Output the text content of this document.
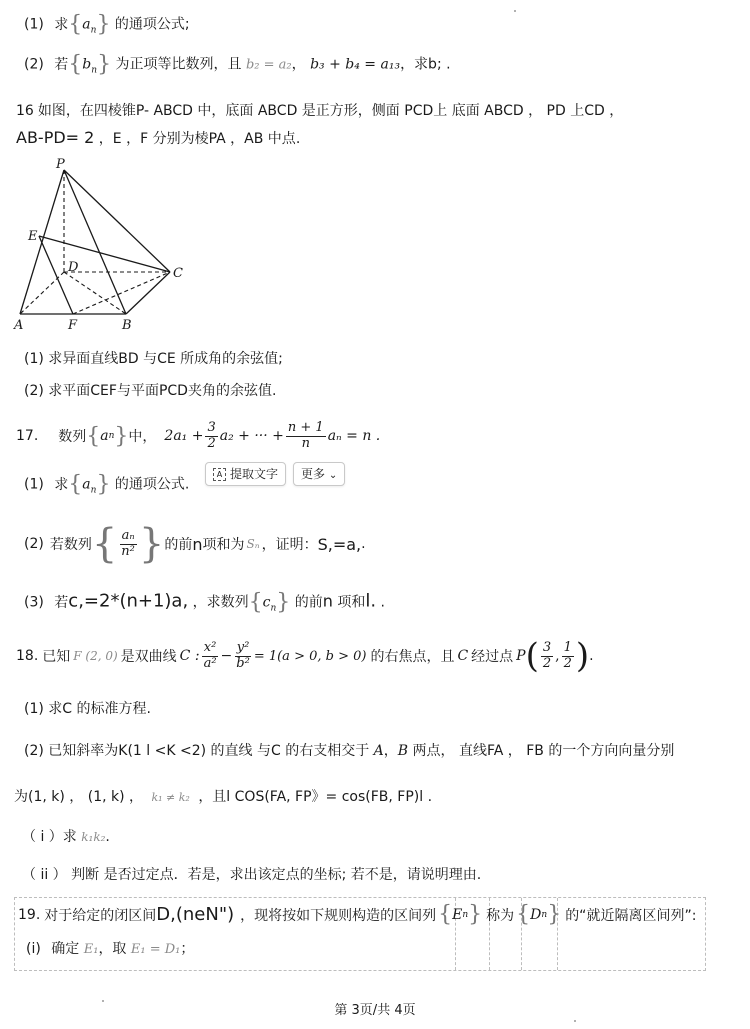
(1) 求$\{a_n\}$ 的通项公式;
(2) 若$\{b_n\}$ 为正项等比数列，且 b₂ = a₂， b₃ + b₄ = a₁₃，求b; .
16 如图，在四棱锥P- ABCD 中，底面 ABCD 是正方形，侧面 PCD上 底面 ABCD ， PD 上CD ，
AB-PD= 2 ，E ，F 分别为棱PA ，AB 中点.
P
E
D	C
A	F	B
(1) 求异面直线BD 与CE 所成角的余弦值;
(2) 求平面CEF与平面PCD夹角的余弦值.
17. 数列 { a n } 中， $2a_1 + \frac{3}{2} a_2$ + ··· + $\frac{n + 1}{n}$ aₙ = n .
(1) 求$\{a_n\}$ 的通项公式.
A 提取文字	更多 ⌄
(2) 若数列 { $\frac{\text{aₙ}}{\text{n²}}$ } 的前 n 项和为 Sₙ ，证明： S,=a, .
(3) 若c,=2*(n+1)a, ，求数列$\{c_n\}$ 的前n 项和l. .
18. 已知 F (2, 0) 是双曲线 C : $\frac{\text{x²}}{\text{a²}} - \frac{\text{y²}}{\text{b²}} = 1(a > 0$, b > 0) 的右焦点，且 C 经过点 P ( $\frac{3}{2}$ , $\frac{1}{2}$ ) .
(1) 求C 的标准方程.
(2) 已知斜率为K(1 l <K <2) 的直线 与C 的右支相交于 A，B 两点， 直线FA ， FB 的一个方向向量分别
为(1, k) ， (1, k) ， k₁ ≠ k₂ ，且l COS(FA, FP》= cos(FB, FP)l .
（ i ）求 k₁k₂.
（ ii ） 判断 是否过定点．若是，求出该定点的坐标; 若不是，请说明理由.
19. 对于给定的闭区间 D,(neN") ，现将按如下规则构造的区间列 { E n } 称为 { D n } 的“就近隔离区间列”:
(i) 确定 E₁，取 E₁ = D₁；
第 3页/共 4页
